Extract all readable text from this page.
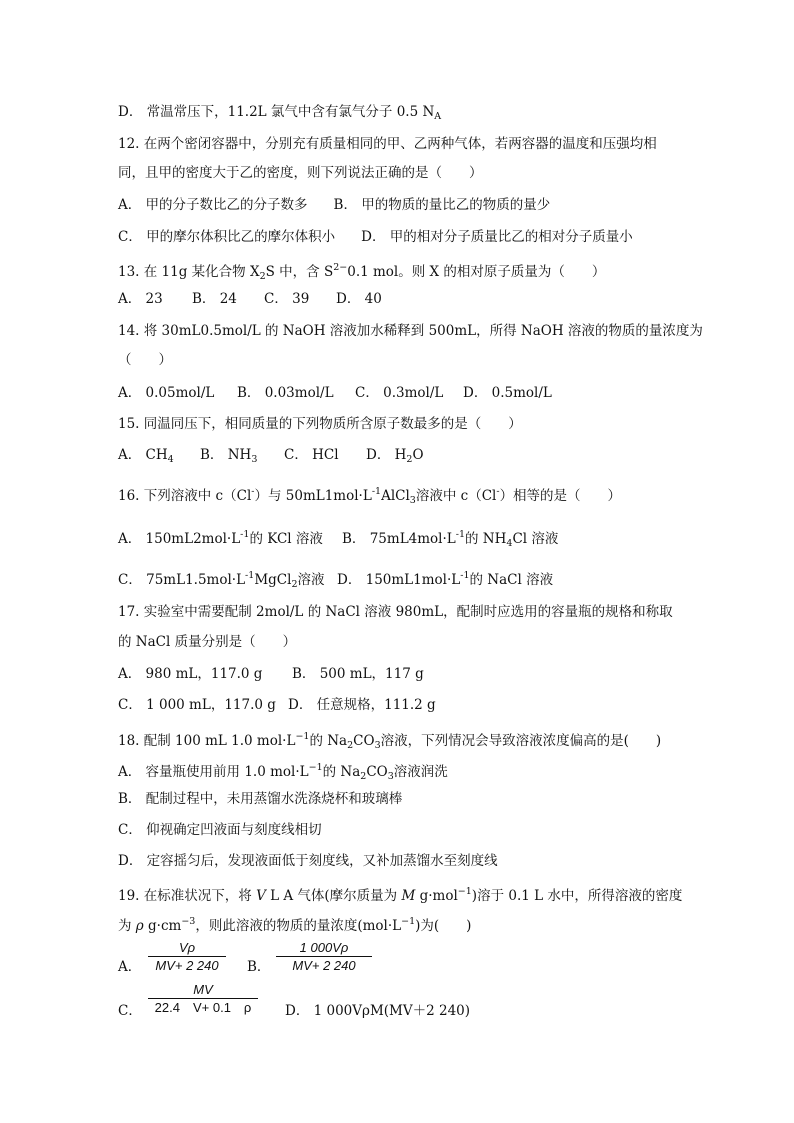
D． 常温常压下，11.2L 氯气中含有氯气分子 0.5 $N_A$
12. 在两个密闭容器中，分别充有质量相同的甲、乙两种气体，若两容器的温度和压强均相
同，且甲的密度大于乙的密度，则下列说法正确的是（　　）
A． 甲的分子数比乙的分子数多 B． 甲的物质的量比乙的物质的量少
C． 甲的摩尔体积比乙的摩尔体积小 D． 甲的相对分子质量比乙的相对分子质量小
13. 在 11g 某化合物 $X_2S$ 中，含 $S^{2-}0.1$ mol。则 X 的相对原子质量为（　　）
A． 23 B． 24 C． 39 D． 40
14. 将 30mL0.5mol/L 的 NaOH 溶液加水稀释到 500mL，所得 NaOH 溶液的物质的量浓度为
（　　）
A． 0.05mol/L B． 0.03mol/L C． 0.3mol/L D． 0.5mol/L
15. 同温同压下，相同质量的下列物质所含原子数最多的是（　　）
A． $CH_4$ B． $NH_3$ C． HCl D． $H_2O$
16. 下列溶液中 c（Cl-）与 $50mL1mol\cdot L^{-1}AlCl_3$溶液中 c（Cl-）相等的是（　　）
A． $150mL2mol\cdot L^{-1}$的 KCl 溶液 B． $75mL4mol\cdot L^{-1}$的 $NH_4Cl$ 溶液
C． $75mL1.5mol\cdot L^{-1}MgCl_2$溶液 D． $150mL1mol\cdot L^{-1}$的 NaCl 溶液
17. 实验室中需要配制 2mol/L 的 NaCl 溶液 980mL，配制时应选用的容量瓶的规格和称取
的 NaCl 质量分别是（　　）
A． 980 mL，117.0 g B． 500 mL，117 g
C． 1 000 mL，117.0 g D． 任意规格，111.2 g
18. 配制 100 mL 1.0 $mol\cdot L^{-1}$的 $Na_2CO_3$溶液，下列情况会导致溶液浓度偏高的是(　　)
A． 容量瓶使用前用 1.0 $mol\cdot L^{-1}$的 $Na_2CO_3$溶液润洗
B． 配制过程中，未用蒸馏水洗涤烧杯和玻璃棒
C． 仰视确定凹液面与刻度线相切
D． 定容摇匀后，发现液面低于刻度线，又补加蒸馏水至刻度线
19. 在标准状况下，将 V L A 气体(摩尔质量为 M g·mol$^{-1}$)溶于 0.1 L 水中，所得溶液的密度
为 ρ $g\cdot cm^{-3}$，则此溶液的物质的量浓度$(mol\cdot L^{-1})$为(　　)
A． $\frac{V\rho}{MV+ 2 240}$ B． $\frac{1 000V\rho}{MV+ 2 240}$
C． $\frac{MV}{22.4 V+ 0.1 \rho}$ D． 1 000VρM(MV＋2 240)
